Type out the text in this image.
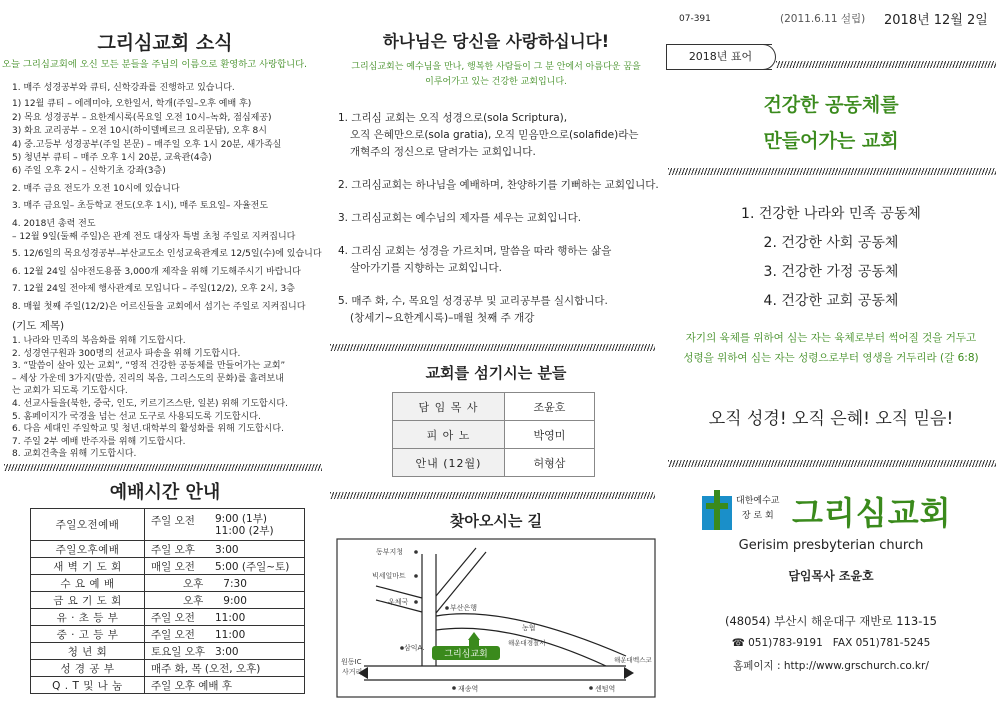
그리심교회 소식
오늘 그리심교회에 오신 모든 분들을 주님의 이름으로 환영하고 사랑합니다.
1. 매주 성경공부와 큐티, 신학강좌를 진행하고 있습니다.
1) 12월 큐티 – 에레미야, 오한일서, 학개(주일–오후 예배 후)
2) 목요 성경공부 – 요한계시록(목요일 오전 10시–녹화, 점심제공)
3) 화요 교리공부 – 오전 10시(하이델베르크 요리문답), 오후 8시
4) 중.고등부 성경공부(주일 본문) – 매주일 오후 1시 20분, 새가족실
5) 청년부 큐티 – 매주 오후 1시 20분, 교육관(4층)
6) 주일 오후 2시 – 신학기초 강좌(3층)
2. 매주 금요 전도가 오전 10시에 있습니다
3. 매주 금요일– 초등학교 전도(오후 1시), 매주 토요일– 자율전도
4. 2018년 총력 전도
– 12월 9일(둘째 주일)은 관계 전도 대상자 특별 초청 주일로 지켜집니다
5. 12/6일의 목요성경공부–부산교도소 인성교육관계로 12/5일(수)에 있습니다
6. 12월 24일 심야전도용품 3,000개 제작을 위해 기도해주시기 바랍니다
7. 12월 24일 전야제 행사관계로 모입니다 – 주일(12/2), 오후 2시, 3층
8. 매월 첫째 주일(12/2)은 어르신들을 교회에서 섬기는 주일로 지켜집니다
(기도 제목)
1. 나라와 민족의 복음화를 위해 기도합시다.
2. 성경연구원과 300명의 선교사 파송을 위해 기도합시다.
3. “말씀이 살아 있는 교회”, “영적 건강한 공동체를 만들어가는 교회”
– 세상 가운데 3가지(말씀, 진리의 복음, 그리스도의 문화)를 흘려보내
는 교회가 되도록 기도합시다.
4. 선교사들을(북한, 중국, 인도, 키르기즈스탄, 일본) 위해 기도합시다.
5. 홈페이지가 국경을 넘는 선교 도구로 사용되도록 기도합시다.
6. 다음 세대인 주일학교 및 청년.대학부의 활성화를 위해 기도합시다.
7. 주일 2부 예배 반주자를 위해 기도합시다.
8. 교회건축을 위해 기도합시다.
예배시간 안내
주일오전예배	주일 오전 9:00 (1부)
11:00 (2부)
주일오후예배	주일 오후 3:00
새 벽 기 도 회	매일 오전 5:00 (주일~토)
수 요 예 배	오후      7:30
금 요 기 도 회	오후      9:00
유 · 초 등 부	주일 오전 11:00
중 · 고 등 부	주일 오전 11:00
청 년 회	토요일 오후 3:00
성 경 공 부	매주 화, 목 (오전, 오후)
Q . T 및 나 눔	주일 오후 예배 후
하나님은 당신을 사랑하십니다!
그리심교회는 예수님을 만나, 행복한 사람들이 그 분 안에서 아름다운 꿈을
이루어가고 있는 건강한 교회입니다.
1. 그리심 교회는 오직 성경으로(sola Scriptura),
오직 은혜만으로(sola gratia), 오직 믿음만으로(solafide)라는
개혁주의 정신으로 달려가는 교회입니다.
2. 그리심교회는 하나님을 예배하며, 찬양하기를 기뻐하는 교회입니다.
3. 그리심교회는 예수님의 제자를 세우는 교회입니다.
4. 그리심 교회는 성경을 가르치며, 말씀을 따라 행하는 삶을
살아가기를 지향하는 교회입니다.
5. 매주 화, 수, 목요일 성경공부 및 교리공부를 실시합니다.
(창세기~요한계시록)–매월 첫째 주 개강
교회를 섬기시는 분들
담 임 목 사	조윤호
피 아 노	박영미
안내 (12월)	허형삼
찾아오시는 길
그리심교회
동부지청
빅세일마트
우체국
부산은행
농협
해운대경찰서
삼익A.
원동IC
사거리
해운대벡스코
재송역	센텀역
07-391	(2011.6.11 설립) 2018년 12월 2일
2018년 표어
건강한 공동체를
만들어가는 교회
1. 건강한 나라와 민족 공동체
2. 건강한 사회 공동체
3. 건강한 가정 공동체
4. 건강한 교회 공동체
자기의 육체를 위하여 심는 자는 육체로부터 썩어질 것을 거두고
성령을 위하여 심는 자는 성령으로부터 영생을 거두리라 (갈 6:8)
오직 성경! 오직 은혜! 오직 믿음!
대한예수교
장 로 회 그리심교회
Gerisim presbyterian church
담임목사 조윤호
(48054) 부산시 해운대구 재반로 113-15
☎ 051)783-9191   FAX 051)781-5245
홈페이지 : http://www.grschurch.co.kr/
